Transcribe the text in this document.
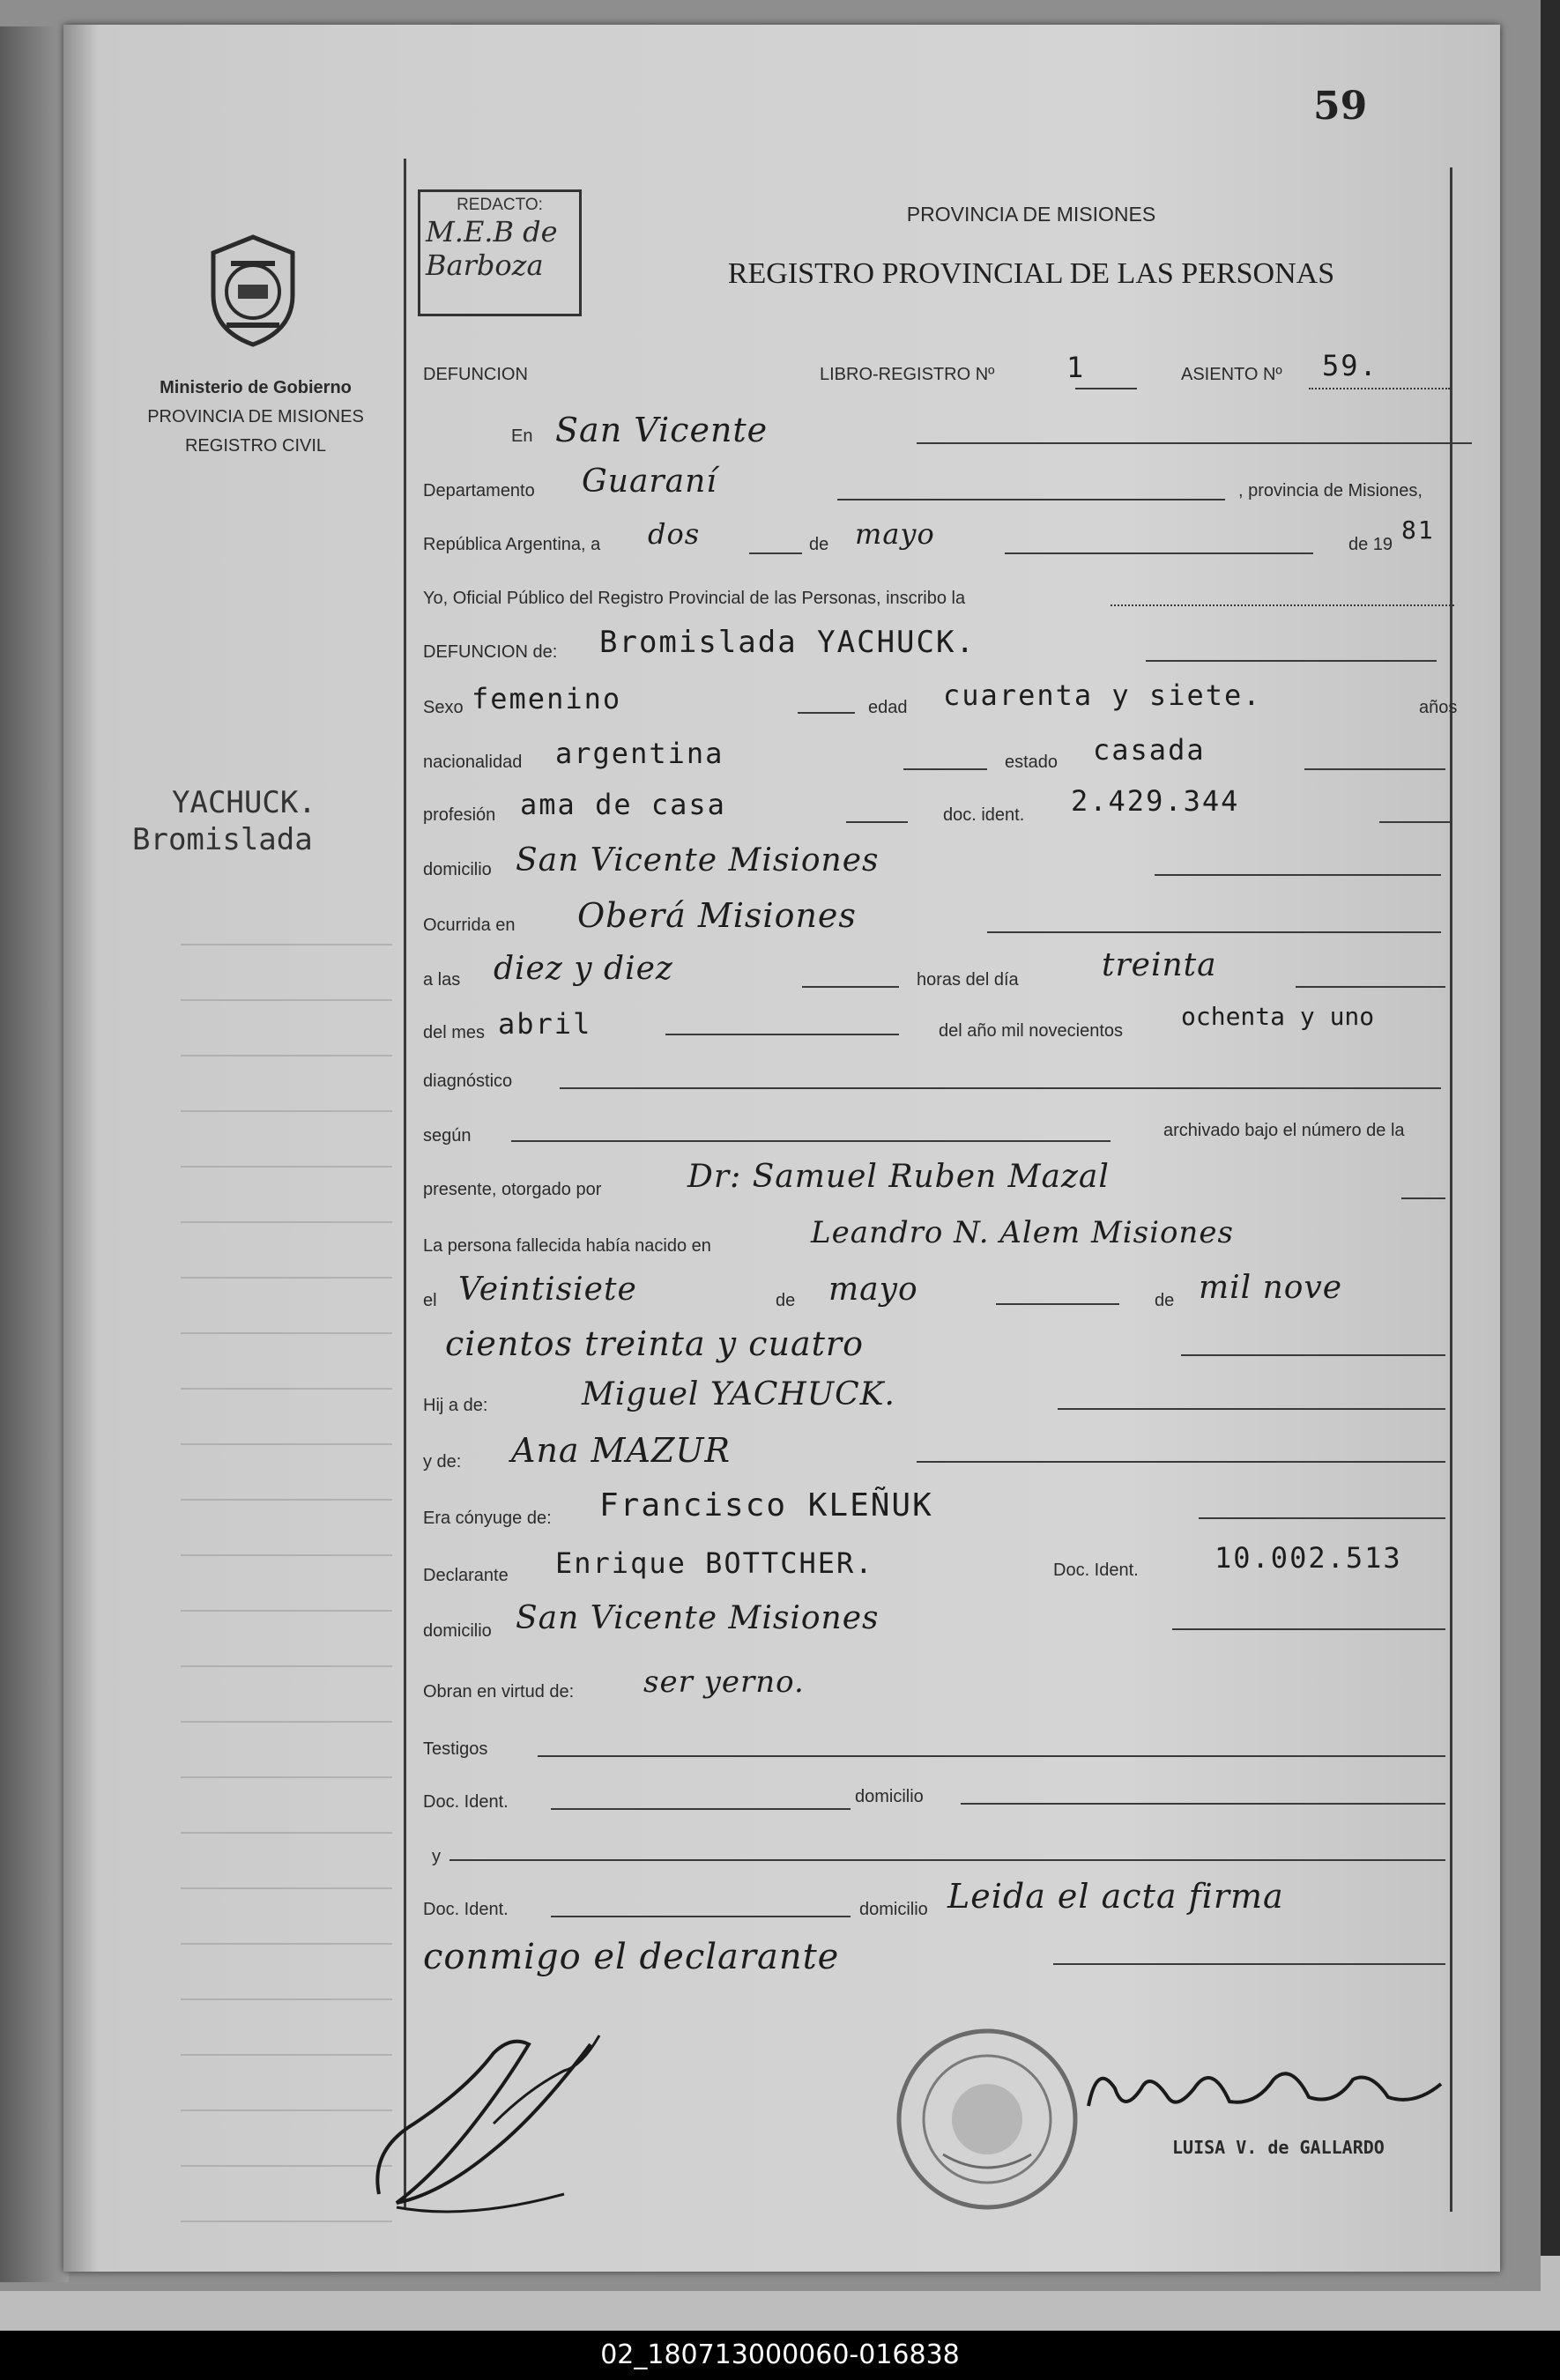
59
Ministerio de Gobierno
PROVINCIA DE MISIONES
REGISTRO CIVIL
YACHUCK.
Bromislada
REDACTO:
M.E.B de
Barboza
PROVINCIA DE MISIONES
REGISTRO PROVINCIAL DE LAS PERSONAS
DEFUNCION	LIBRO-REGISTRO Nº	1	ASIENTO Nº 59.
En San Vicente
Departamento Guaraní	, provincia de Misiones,
República Argentina, a dos	de mayo	de 19 81
Yo, Oficial Público del Registro Provincial de las Personas, inscribo la
DEFUNCION de: Bromislada YACHUCK.
Sexo femenino	edad cuarenta y siete.	años
nacionalidad argentina	estado casada
profesión ama de casa	doc. ident. 2.429.344
domicilio San Vicente Misiones
Ocurrida en Oberá Misiones
a las diez y diez	horas del día	treinta
del mes abril	del año mil novecientos ochenta y uno
diagnóstico
según	archivado bajo el número de la
presente, otorgado por	Dr: Samuel Ruben Mazal
La persona fallecida había nacido en	Leandro N. Alem Misiones
el Veintisiete	de mayo	de mil nove
cientos treinta y cuatro
Hij a de:	Miguel YACHUCK.
y de: Ana MAZUR
Era cónyuge de: Francisco KLEÑUK
Declarante Enrique BOTTCHER.	Doc. Ident.	10.002.513
domicilio San Vicente Misiones
Obran en virtud de: ser yerno.
Testigos
Doc. Ident.	domicilio
y
Doc. Ident.	domicilio Leida el acta firma
conmigo el declarante
LUISA V. de GALLARDO
02_180713000060-016838
